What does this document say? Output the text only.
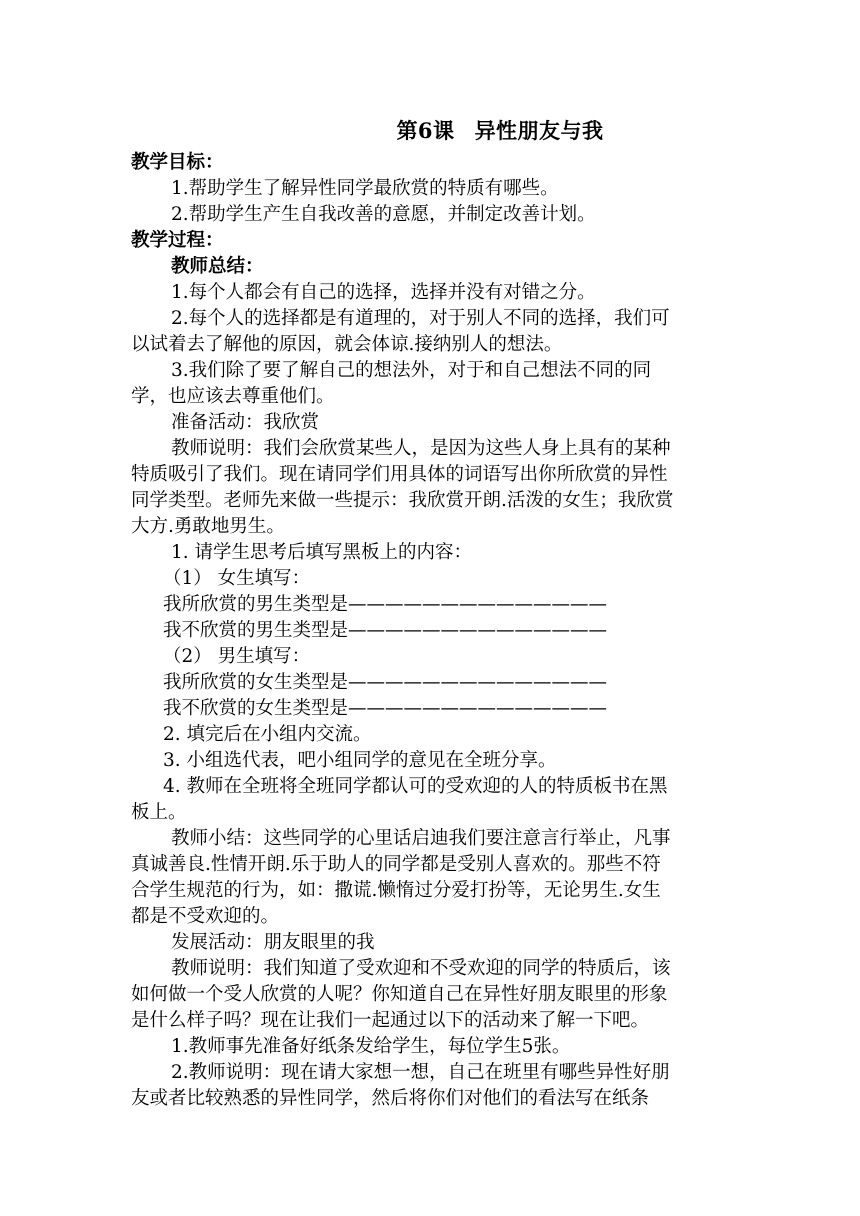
第6课 异性朋友与我
教学目标：
1.帮助学生了解异性同学最欣赏的特质有哪些。
2.帮助学生产生自我改善的意愿，并制定改善计划。
教学过程：
教师总结：
1.每个人都会有自己的选择，选择并没有对错之分。
2.每个人的选择都是有道理的，对于别人不同的选择，我们可
以试着去了解他的原因，就会体谅.接纳别人的想法。
3.我们除了要了解自己的想法外，对于和自己想法不同的同
学，也应该去尊重他们。
准备活动：我欣赏
教师说明：我们会欣赏某些人，是因为这些人身上具有的某种
特质吸引了我们。现在请同学们用具体的词语写出你所欣赏的异性
同学类型。老师先来做一些提示：我欣赏开朗.活泼的女生；我欣赏
大方.勇敢地男生。
1. 请学生思考后填写黑板上的内容：
（1） 女生填写：
我所欣赏的男生类型是——————————————
我不欣赏的男生类型是——————————————
（2） 男生填写：
我所欣赏的女生类型是——————————————
我不欣赏的女生类型是——————————————
2. 填完后在小组内交流。
3. 小组选代表，吧小组同学的意见在全班分享。
4. 教师在全班将全班同学都认可的受欢迎的人的特质板书在黑
板上。
教师小结：这些同学的心里话启迪我们要注意言行举止，凡事
真诚善良.性情开朗.乐于助人的同学都是受别人喜欢的。那些不符
合学生规范的行为，如：撒谎.懒惰过分爱打扮等，无论男生.女生
都是不受欢迎的。
发展活动：朋友眼里的我
教师说明：我们知道了受欢迎和不受欢迎的同学的特质后，该
如何做一个受人欣赏的人呢？你知道自己在异性好朋友眼里的形象
是什么样子吗？现在让我们一起通过以下的活动来了解一下吧。
1.教师事先准备好纸条发给学生，每位学生5张。
2.教师说明：现在请大家想一想，自己在班里有哪些异性好朋
友或者比较熟悉的异性同学，然后将你们对他们的看法写在纸条
